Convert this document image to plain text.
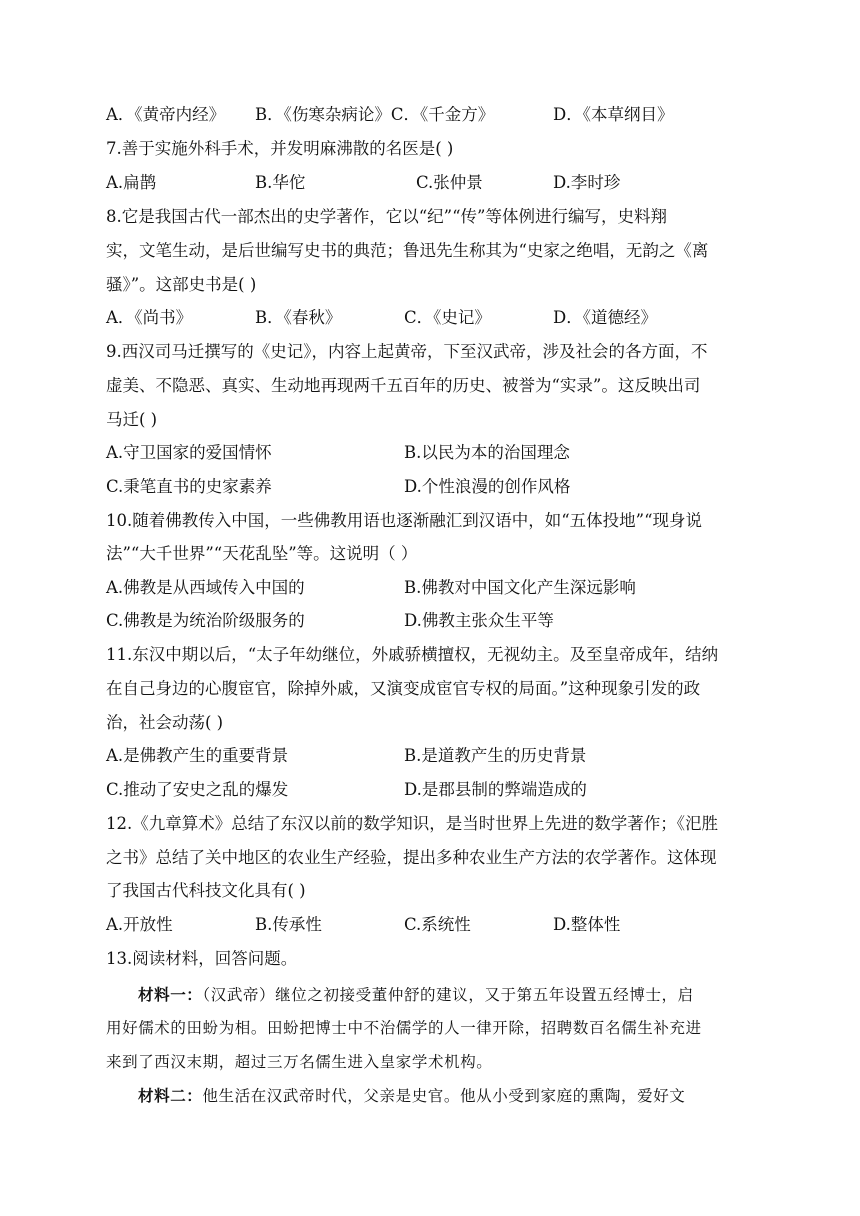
A．《黄帝内经》 B．《伤寒杂病论》C．《千金方》	D．《本草纲目》
7.善于实施外科手术，并发明麻沸散的名医是( )
A.扁鹊	B.华佗	C.张仲景	D.李时珍
8.它是我国古代一部杰出的史学著作，它以“纪”“传”等体例进行编写，史料翔
实，文笔生动，是后世编写史书的典范；鲁迅先生称其为“史家之绝唱，无韵之《离
骚》”。这部史书是( )
A．《尚书》	B．《春秋》	C．《史记》	D．《道德经》
9.西汉司马迁撰写的《史记》，内容上起黄帝，下至汉武帝，涉及社会的各方面，不
虚美、不隐恶、真实、生动地再现两千五百年的历史、被誉为“实录”。这反映出司
马迁( )
A.守卫国家的爱国情怀	B.以民为本的治国理念
C.秉笔直书的史家素养	D.个性浪漫的创作风格
10.随着佛教传入中国，一些佛教用语也逐渐融汇到汉语中，如“五体投地”“现身说
法”“大千世界”“天花乱坠”等。这说明（ ）
A.佛教是从西域传入中国的	B.佛教对中国文化产生深远影响
C.佛教是为统治阶级服务的	D.佛教主张众生平等
11.东汉中期以后，“太子年幼继位，外戚骄横擅权，无视幼主。及至皇帝成年，结纳
在自己身边的心腹宦官，除掉外戚，又演变成宦官专权的局面。”这种现象引发的政
治，社会动荡( )
A.是佛教产生的重要背景	B.是道教产生的历史背景
C.推动了安史之乱的爆发	D.是郡县制的弊端造成的
12.《九章算术》总结了东汉以前的数学知识，是当时世界上先进的数学著作；《汜胜
之书》总结了关中地区的农业生产经验，提出多种农业生产方法的农学著作。这体现
了我国古代科技文化具有( )
A.开放性	B.传承性	C.系统性	D.整体性
13.阅读材料，回答问题。
材料一：（汉武帝）继位之初接受董仲舒的建议，又于第五年设置五经博士，启
用好儒术的田蚡为相。田蚡把博士中不治儒学的人一律开除，招聘数百名儒生补充进
来到了西汉末期，超过三万名儒生进入皇家学术机构。
材料二：他生活在汉武帝时代，父亲是史官。他从小受到家庭的熏陶，爱好文
